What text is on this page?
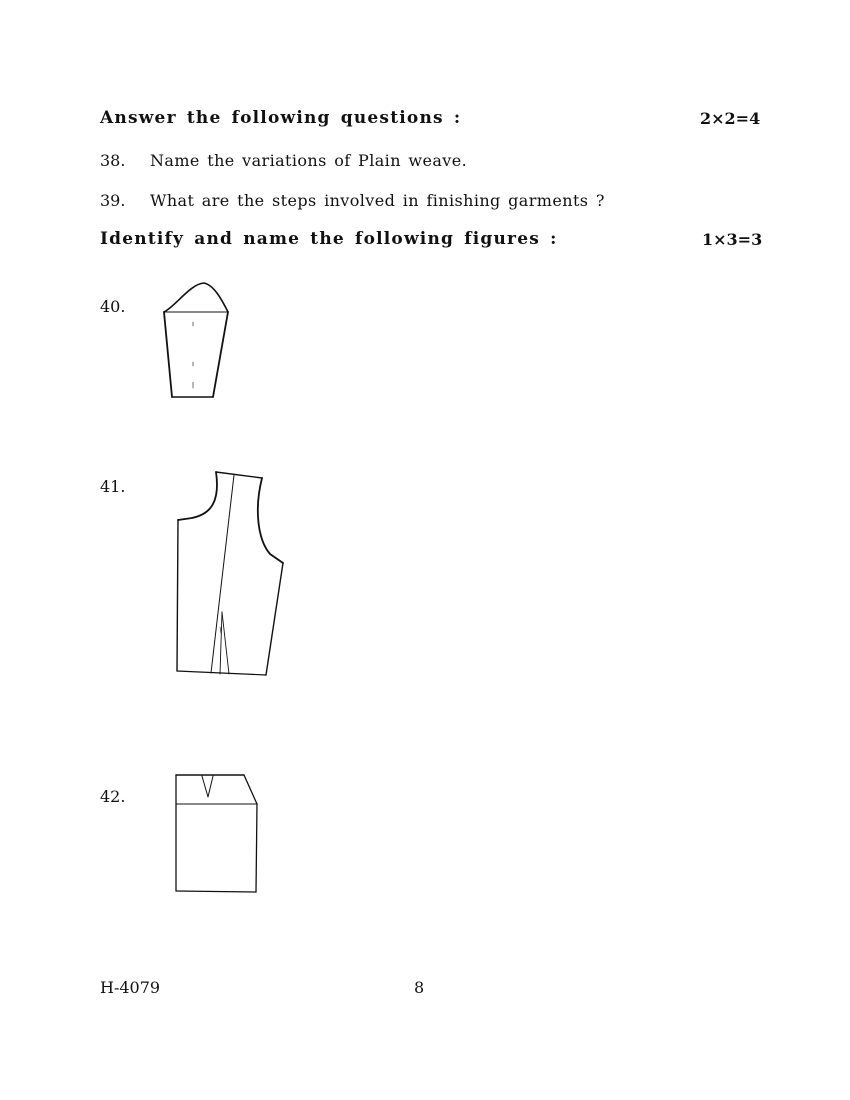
Answer the following questions :	2×2=4
38. Name the variations of Plain weave.
39. What are the steps involved in finishing garments ?
Identify and name the following figures :	1×3=3
40.
41.
42.
H-4079	8
